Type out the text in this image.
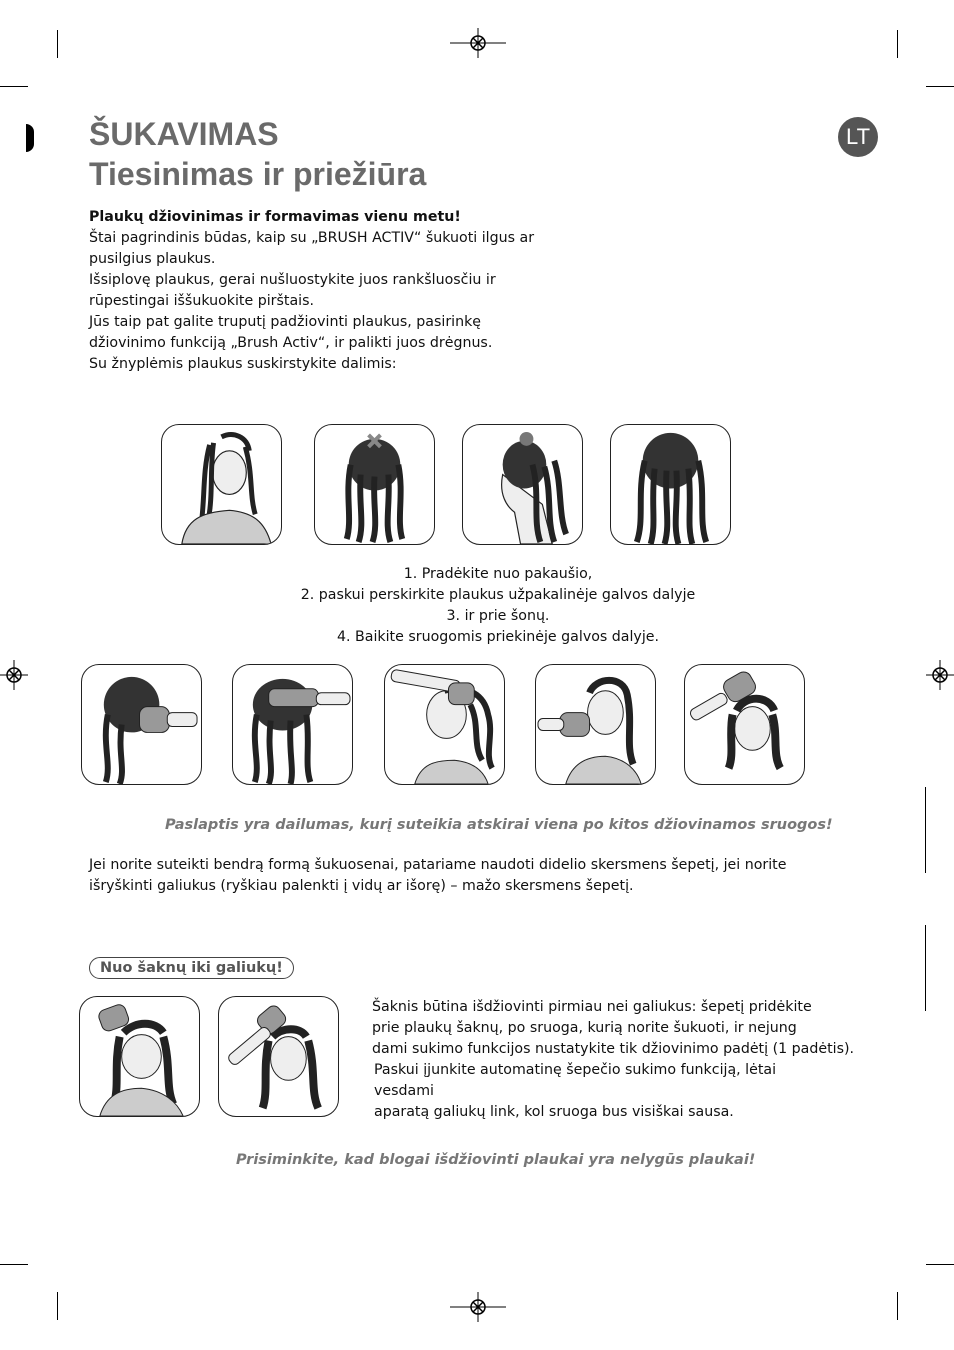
ŠUKAVIMAS
Tiesinimas ir priežiūra
LT

Plaukų džiovinimas ir formavimas vienu metu!

Štai pagrindinis būdas, kaip su „BRUSH ACTIV“ šukuoti ilgus ar

pusilgius plaukus.

Išsiplovę plaukus, gerai nušluostykite juos rankšluosčiu ir

rūpestingai iššukuokite pirštais.

Jūs taip pat galite truputį padžiovinti plaukus, pasirinkę

džiovinimo funkciją „Brush Activ“, ir palikti juos drėgnus.

Su žnyplėmis plaukus suskirstykite dalimis:

1. Pradėkite nuo pakaušio,
2. paskui perskirkite plaukus užpakalinėje galvos dalyje
3. ir prie šonų.
4. Baikite sruogomis priekinėje galvos dalyje.
Paslaptis yra dailumas, kurį suteikia atskirai viena po kitos džiovinamos sruogos!

Jei norite suteikti bendrą formą šukuosenai, patariame naudoti didelio skersmens šepetį, jei norite

išryškinti galiukus (ryškiau palenkti į vidų ar išorę) – mažo skersmens šepetį.

Nuo šaknų iki galiukų!

Šaknis būtina išdžiovinti pirmiau nei galiukus: šepetį pridėkite

prie plaukų šaknų, po sruoga, kurią norite šukuoti, ir nejung

dami sukimo funkcijos nustatykite tik džiovinimo padėtį (1 padėtis).

Paskui įjunkite automatinę šepečio sukimo funkciją, lėtai

vesdami

aparatą galiukų link, kol sruoga bus visiškai sausa.

Prisiminkite, kad blogai išdžiovinti plaukai yra nelygūs plaukai!
